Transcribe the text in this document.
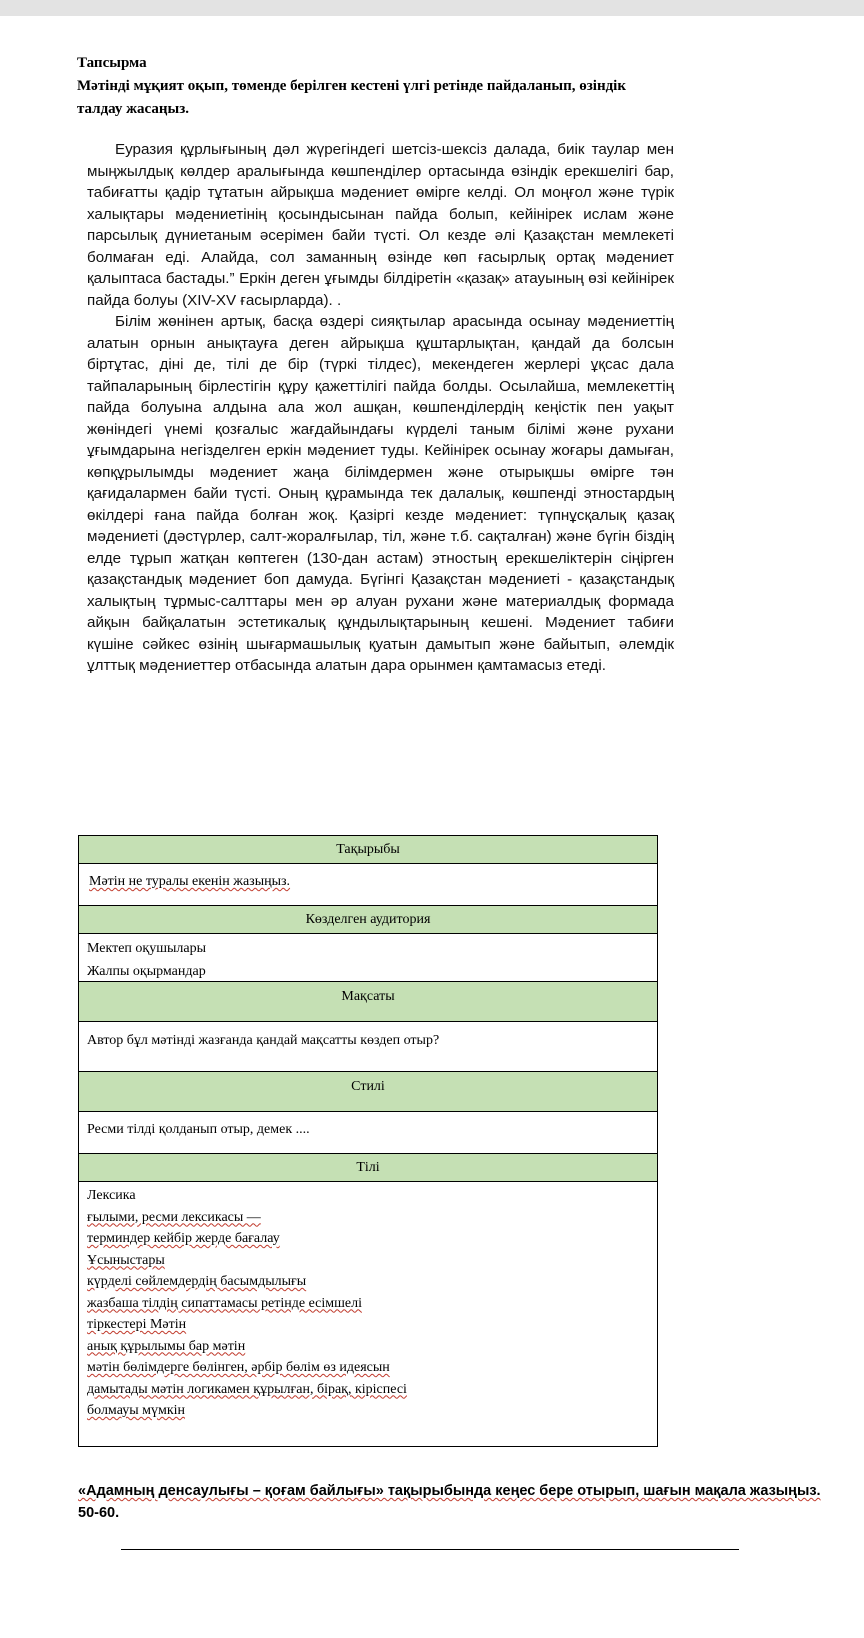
Тапсырма
Мәтінді мұқият оқып, төменде берілген кестені үлгі ретінде пайдаланып, өзіндік
талдау жасаңыз.

Еуразия құрлығының дәл жүрегіндегі шетсіз-шексіз далада, биік таулар мен мыңжылдық көлдер аралығында көшпенділер ортасында өзіндік ерекшелігі бар, табиғатты қадір тұтатын айрықша мәдениет өмірге келді. Ол моңғол және түрік халықтары мәдениетінің қосындысынан пайда болып, кейінірек ислам және парсылық дүниетаным әсерімен байи түсті. Ол кезде әлі Қазақстан мемлекеті болмаған еді. Алайда, сол заманның өзінде көп ғасырлық ортақ мәдениет қалыптаса бастады.” Еркін деген ұғымды білдіретін «қазақ» атауының өзі кейінірек пайда болуы (XIV-XV ғасырларда). .

Білім жөнінен артық, басқа өздері сияқтылар арасында осынау мәдениеттің алатын орнын анықтауға деген айрықша құштарлықтан, қандай да болсын біртұтас, діні де, тілі де бір (түркі тілдес), мекендеген жерлері ұқсас дала тайпаларының бірлестігін құру қажеттілігі пайда болды. Осылайша, мемлекеттің пайда болуына алдына ала жол ашқан, көшпенділердің кеңістік пен уақыт жөніндегі үнемі қозғалыс жағдайындағы күрделі таным білімі және рухани ұғымдарына негізделген еркін мәдениет туды. Кейінірек осынау жоғары дамыған, көпқұрылымды мәдениет жаңа білімдермен және отырықшы өмірге тән қағидалармен байи түсті. Оның құрамында тек далалық, көшпенді этностардың өкілдері ғана пайда болған жоқ. Қазіргі кезде мәдениет: түпнұсқалық қазақ мәдениеті (дәстүрлер, салт-жоралғылар, тіл, және т.б. сақталған) және бүгін біздің елде тұрып жатқан көптеген (130-дан астам) этностың ерекшеліктерін сіңірген қазақстандық мәдениет боп дамуда. Бүгінгі Қазақстан мәдениеті - қазақстандық халықтың тұрмыс-салттары мен әр алуан рухани және материалдық формада айқын байқалатын эстетикалық құндылықтарының кешені. Мәдениет табиғи күшіне сәйкес өзінің шығармашылық қуатын дамытып және байытып, әлемдік ұлттық мәдениеттер отбасында алатын дара орынмен қамтамасыз етеді.

Тақырыбы
Мәтін не туралы екенін жазыңыз.
Көзделген аудитория
Мектеп оқушылары
Жалпы оқырмандар
Мақсаты
Автор бұл мәтінді жазғанда қандай мақсатты көздеп отыр?
Стилі
Ресми тілді қолданып отыр, демек ....
Тілі
Лексика
ғылыми, ресми лексикасы —
терминдер кейбір жерде бағалау
Ұсыныстары
күрделі сөйлемдердің басымдылығы
жазбаша тілдің сипаттамасы ретінде есімшелі
тіркестері Мәтін
анық құрылымы бар мәтін
мәтін бөлімдерге бөлінген, әрбір бөлім өз идеясын
дамытады мәтін логикамен құрылған, бірақ, кіріспесі
болмауы мүмкін
«Адамның денсаулығы – қоғам байлығы» тақырыбында кеңес бере отырып, шағын мақала жазыңыз.
50-60.
